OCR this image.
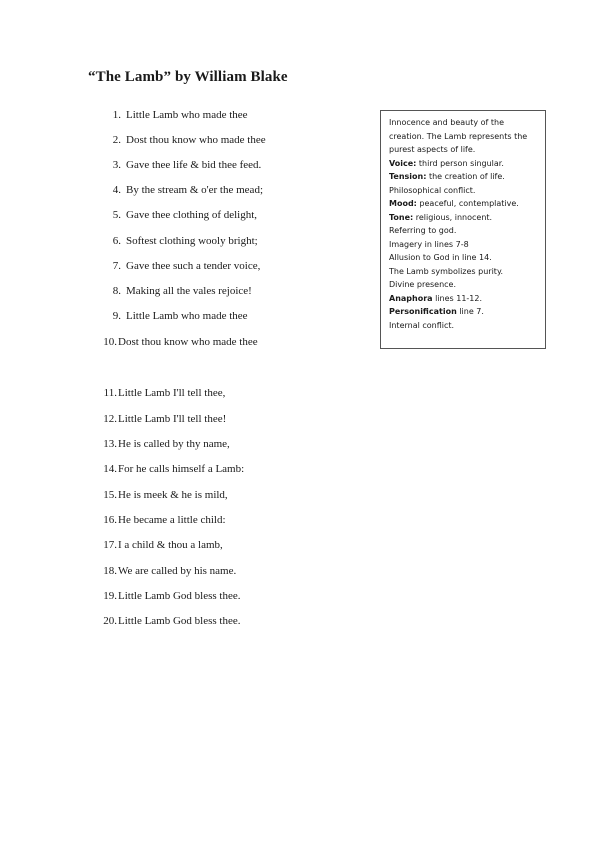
“The Lamb” by William Blake
1. Little Lamb who made thee
2. Dost thou know who made thee
3. Gave thee life & bid thee feed.
4. By the stream & o'er the mead;
5. Gave thee clothing of delight,
6. Softest clothing wooly bright;
7. Gave thee such a tender voice,
8. Making all the vales rejoice!
9. Little Lamb who made thee
10. Dost thou know who made thee
11. Little Lamb I'll tell thee,
12. Little Lamb I'll tell thee!
13. He is called by thy name,
14. For he calls himself a Lamb:
15. He is meek & he is mild,
16. He became a little child:
17. I a child & thou a lamb,
18. We are called by his name.
19. Little Lamb God bless thee.
20. Little Lamb God bless thee.
Innocence and beauty of the
creation. The Lamb represents the
purest aspects of life.
Voice: third person singular.
Tension: the creation of life.
Philosophical conflict.
Mood: peaceful, contemplative.
Tone: religious, innocent.
Referring to god.
Imagery in lines 7-8
Allusion to God in line 14.
The Lamb symbolizes purity.
Divine presence.
Anaphora lines 11-12.
Personification line 7.
Internal conflict.
